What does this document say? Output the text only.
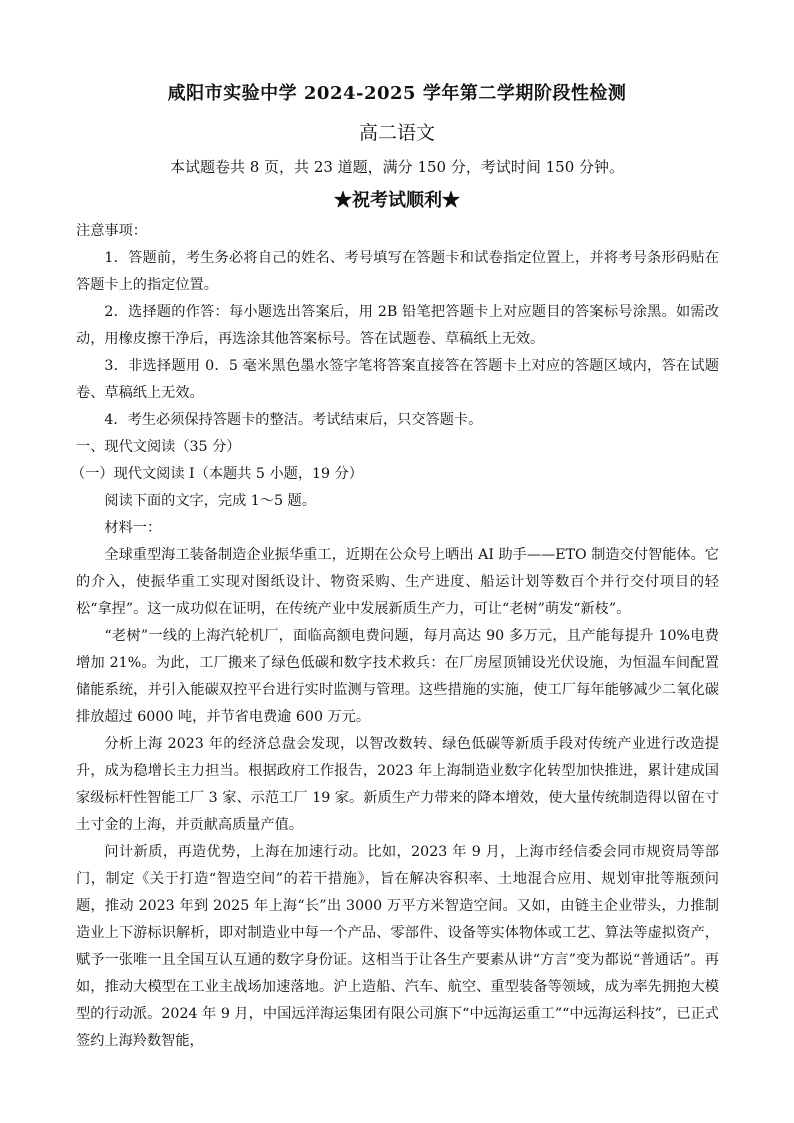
咸阳市实验中学 2024-2025 学年第二学期阶段性检测
高二语文
本试题卷共 8 页，共 23 道题，满分 150 分，考试时间 150 分钟。
★祝考试顺利★

注意事项：

1．答题前，考生务必将自己的姓名、考号填写在答题卡和试卷指定位置上，并将考号条形码贴在答题卡上的指定位置。

2．选择题的作答：每小题选出答案后，用 2B 铅笔把答题卡上对应题目的答案标号涂黑。如需改动，用橡皮擦干净后，再选涂其他答案标号。答在试题卷、草稿纸上无效。

3．非选择题用 0．5 毫米黑色墨水签字笔将答案直接答在答题卡上对应的答题区域内，答在试题卷、草稿纸上无效。

4．考生必须保持答题卡的整洁。考试结束后，只交答题卡。

一、现代文阅读（35 分）

（一）现代文阅读 I（本题共 5 小题，19 分）

阅读下面的文字，完成 1～5 题。

材料一：

全球重型海工装备制造企业振华重工，近期在公众号上晒出 AI 助手——ETO 制造交付智能体。它的介入，使振华重工实现对图纸设计、物资采购、生产进度、船运计划等数百个并行交付项目的轻松“拿捏”。这一成功似在证明，在传统产业中发展新质生产力，可让“老树”萌发“新枝”。

“老树”一线的上海汽轮机厂，面临高额电费问题，每月高达 90 多万元，且产能每提升 10%电费增加 21%。为此，工厂搬来了绿色低碳和数字技术救兵：在厂房屋顶铺设光伏设施，为恒温车间配置储能系统，并引入能碳双控平台进行实时监测与管理。这些措施的实施，使工厂每年能够减少二氧化碳排放超过 6000 吨，并节省电费逾 600 万元。

分析上海 2023 年的经济总盘会发现，以智改数转、绿色低碳等新质手段对传统产业进行改造提升，成为稳增长主力担当。根据政府工作报告，2023 年上海制造业数字化转型加快推进，累计建成国家级标杆性智能工厂 3 家、示范工厂 19 家。新质生产力带来的降本增效，使大量传统制造得以留在寸土寸金的上海，并贡献高质量产值。

问计新质，再造优势，上海在加速行动。比如，2023 年 9 月，上海市经信委会同市规资局等部门，制定《关于打造“智造空间”的若干措施》，旨在解决容积率、土地混合应用、规划审批等瓶颈问题，推动 2023 年到 2025 年上海“长”出 3000 万平方米智造空间。又如，由链主企业带头，力推制造业上下游标识解析，即对制造业中每一个产品、零部件、设备等实体物体或工艺、算法等虚拟资产，赋予一张唯一且全国互认互通的数字身份证。这相当于让各生产要素从讲“方言”变为都说“普通话”。再如，推动大模型在工业主战场加速落地。沪上造船、汽车、航空、重型装备等领域，成为率先拥抱大模型的行动派。2024 年 9 月，中国远洋海运集团有限公司旗下“中远海运重工”“中远海运科技”，已正式签约上海羚数智能，
